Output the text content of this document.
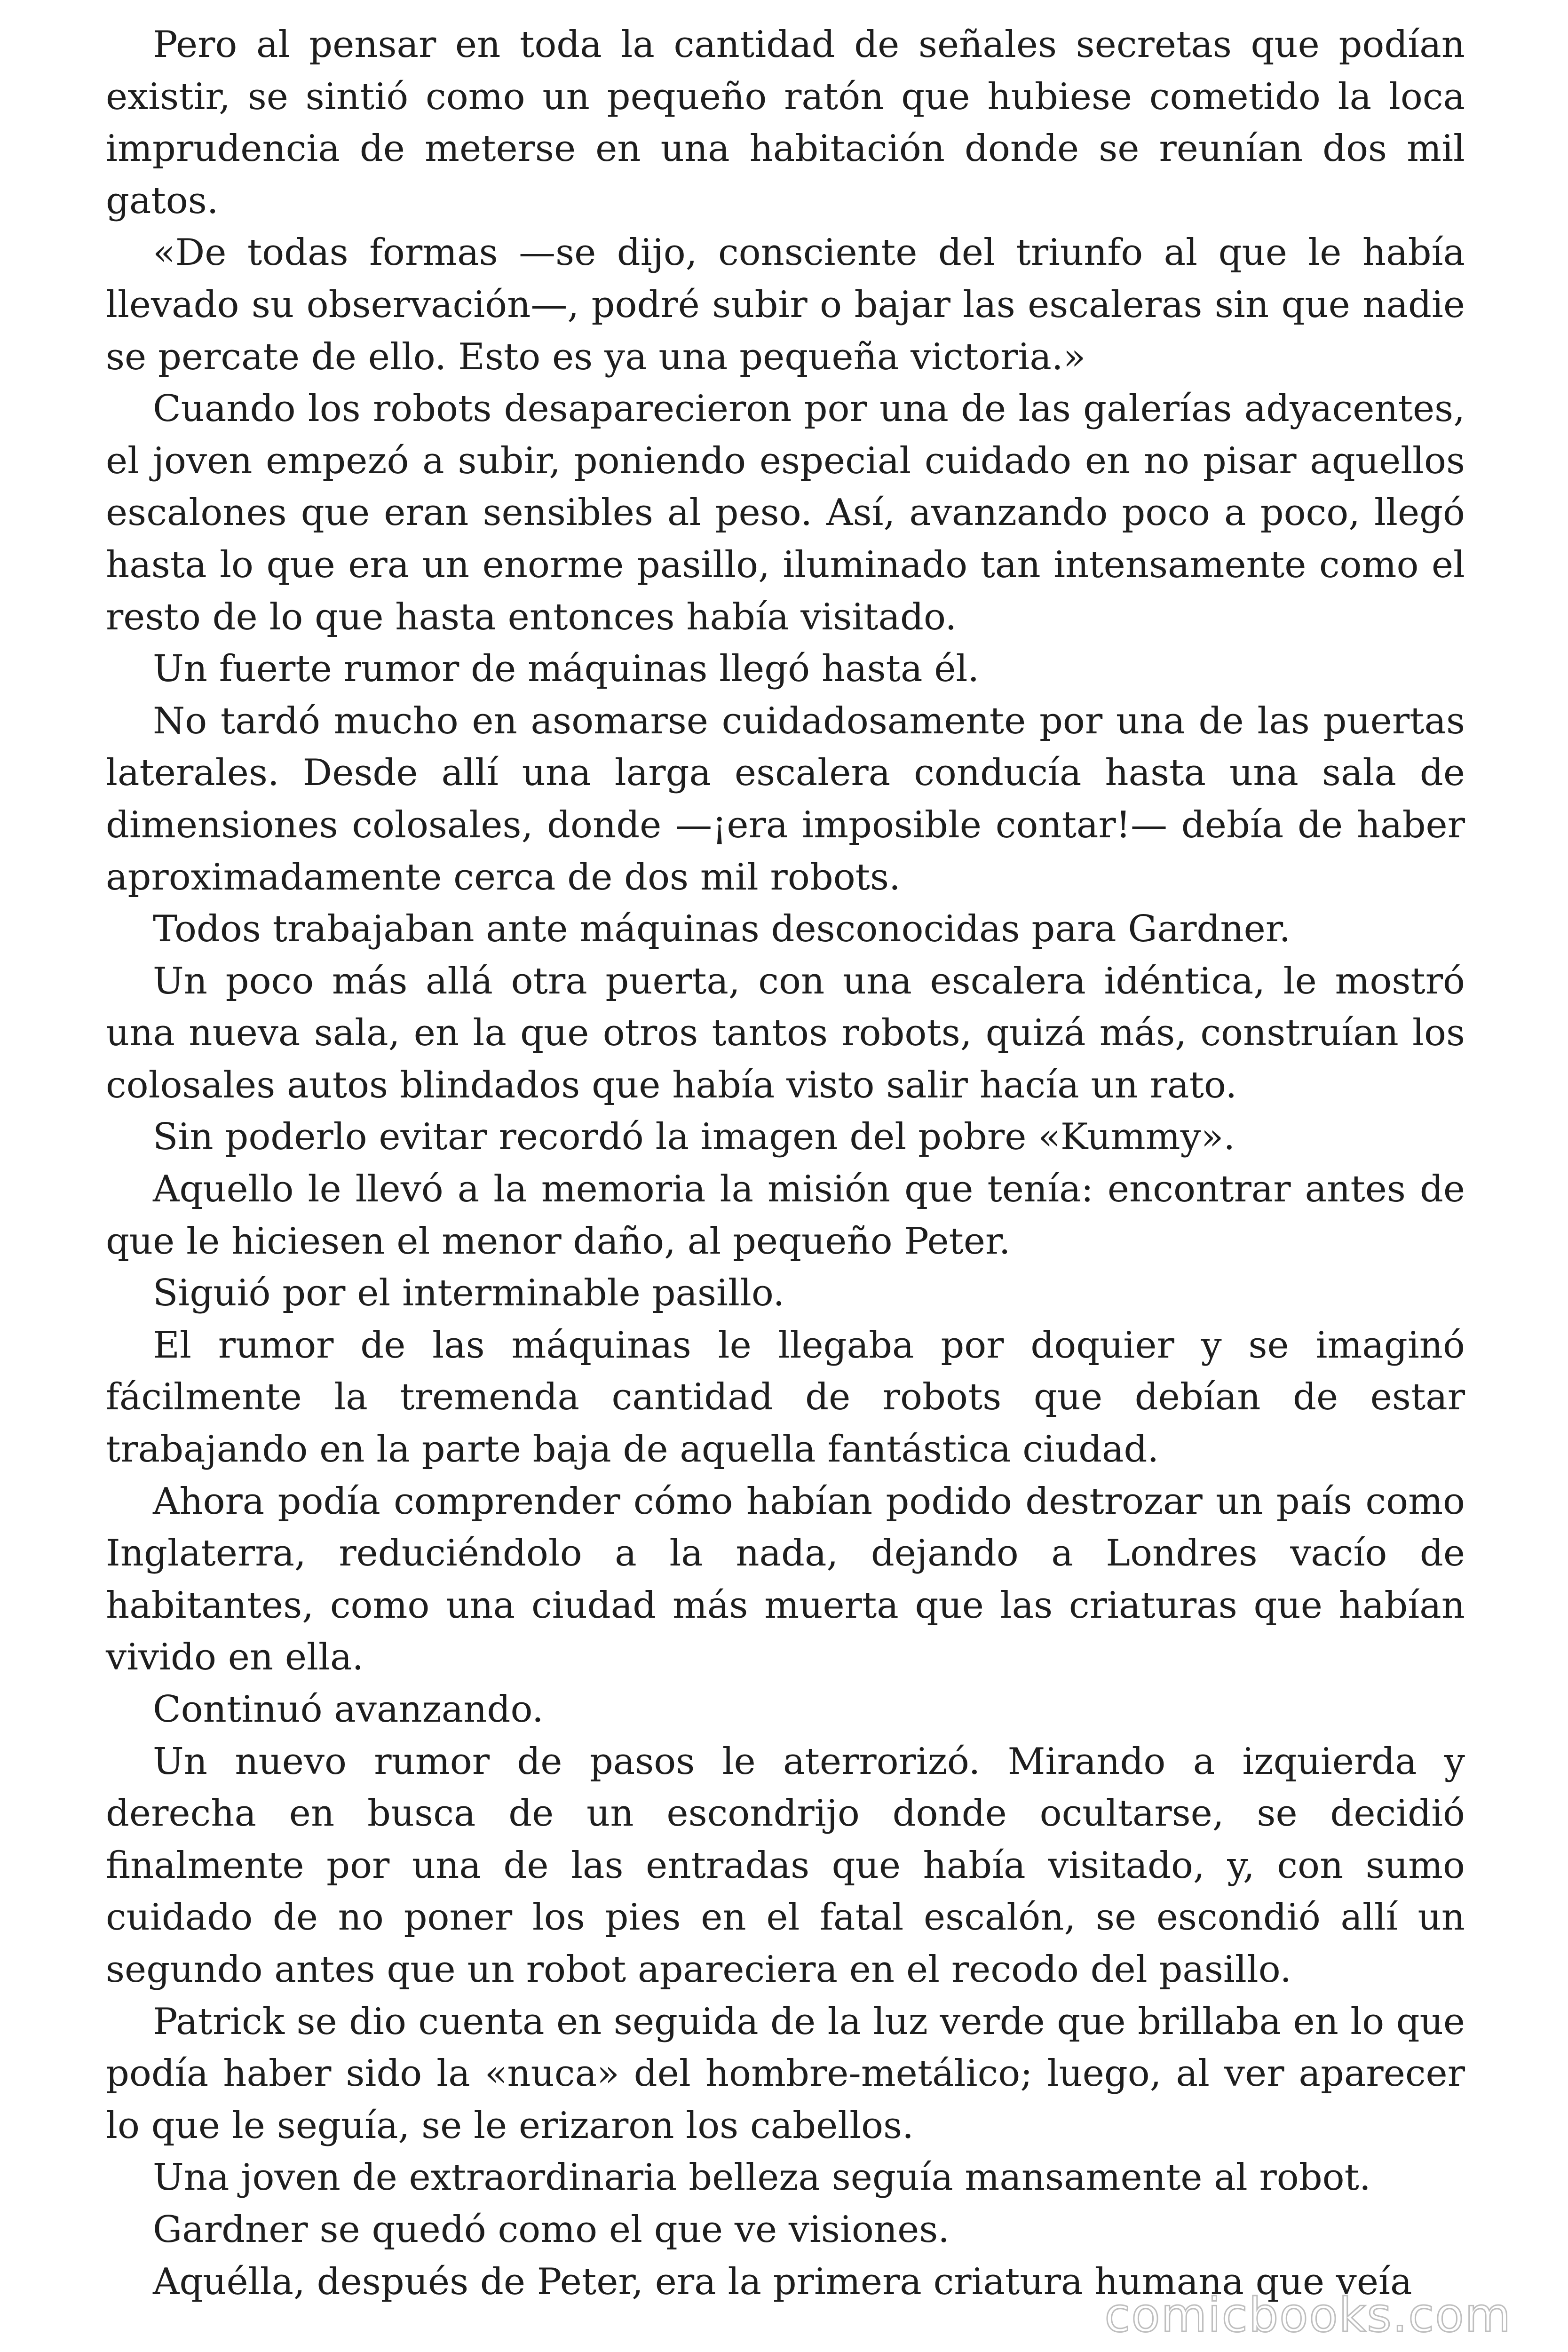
Pero al pensar en toda la cantidad de señales secretas que podían existir, se sintió como un pequeño ratón que hubiese cometido la loca imprudencia de meterse en una habitación donde se reunían dos mil gatos.

«De todas formas —se dijo, consciente del triunfo al que le había llevado su observación—, podré subir o bajar las escaleras sin que nadie se percate de ello. Esto es ya una pequeña victoria.»

Cuando los robots desaparecieron por una de las galerías adyacentes, el joven empezó a subir, poniendo especial cuidado en no pisar aquellos escalones que eran sensibles al peso. Así, avanzando poco a poco, llegó hasta lo que era un enorme pasillo, iluminado tan intensamente como el resto de lo que hasta entonces había visitado.

Un fuerte rumor de máquinas llegó hasta él.

No tardó mucho en asomarse cuidadosamente por una de las puertas laterales. Desde allí una larga escalera conducía hasta una sala de dimensiones colosales, donde —¡era imposible contar!— debía de haber aproximadamente cerca de dos mil robots.

Todos trabajaban ante máquinas desconocidas para Gardner.

Un poco más allá otra puerta, con una escalera idéntica, le mostró una nueva sala, en la que otros tantos robots, quizá más, construían los colosales autos blindados que había visto salir hacía un rato.

Sin poderlo evitar recordó la imagen del pobre «Kummy».

Aquello le llevó a la memoria la misión que tenía: encontrar antes de que le hiciesen el menor daño, al pequeño Peter.

Siguió por el interminable pasillo.

El rumor de las máquinas le llegaba por doquier y se imaginó fácilmente la tremenda cantidad de robots que debían de estar trabajando en la parte baja de aquella fantástica ciudad.

Ahora podía comprender cómo habían podido destrozar un país como Inglaterra, reduciéndolo a la nada, dejando a Londres vacío de habitantes, como una ciudad más muerta que las criaturas que habían vivido en ella.

Continuó avanzando.

Un nuevo rumor de pasos le aterrorizó. Mirando a izquierda y derecha en busca de un escondrijo donde ocultarse, se decidió finalmente por una de las entradas que había visitado, y, con sumo cuidado de no poner los pies en el fatal escalón, se escondió allí un segundo antes que un robot apareciera en el recodo del pasillo.

Patrick se dio cuenta en seguida de la luz verde que brillaba en lo que podía haber sido la «nuca» del hombre-metálico; luego, al ver aparecer lo que le seguía, se le erizaron los cabellos.

Una joven de extraordinaria belleza seguía mansamente al robot.

Gardner se quedó como el que ve visiones.

Aquélla, después de Peter, era la primera criatura humana que veía

comicbooks.com
